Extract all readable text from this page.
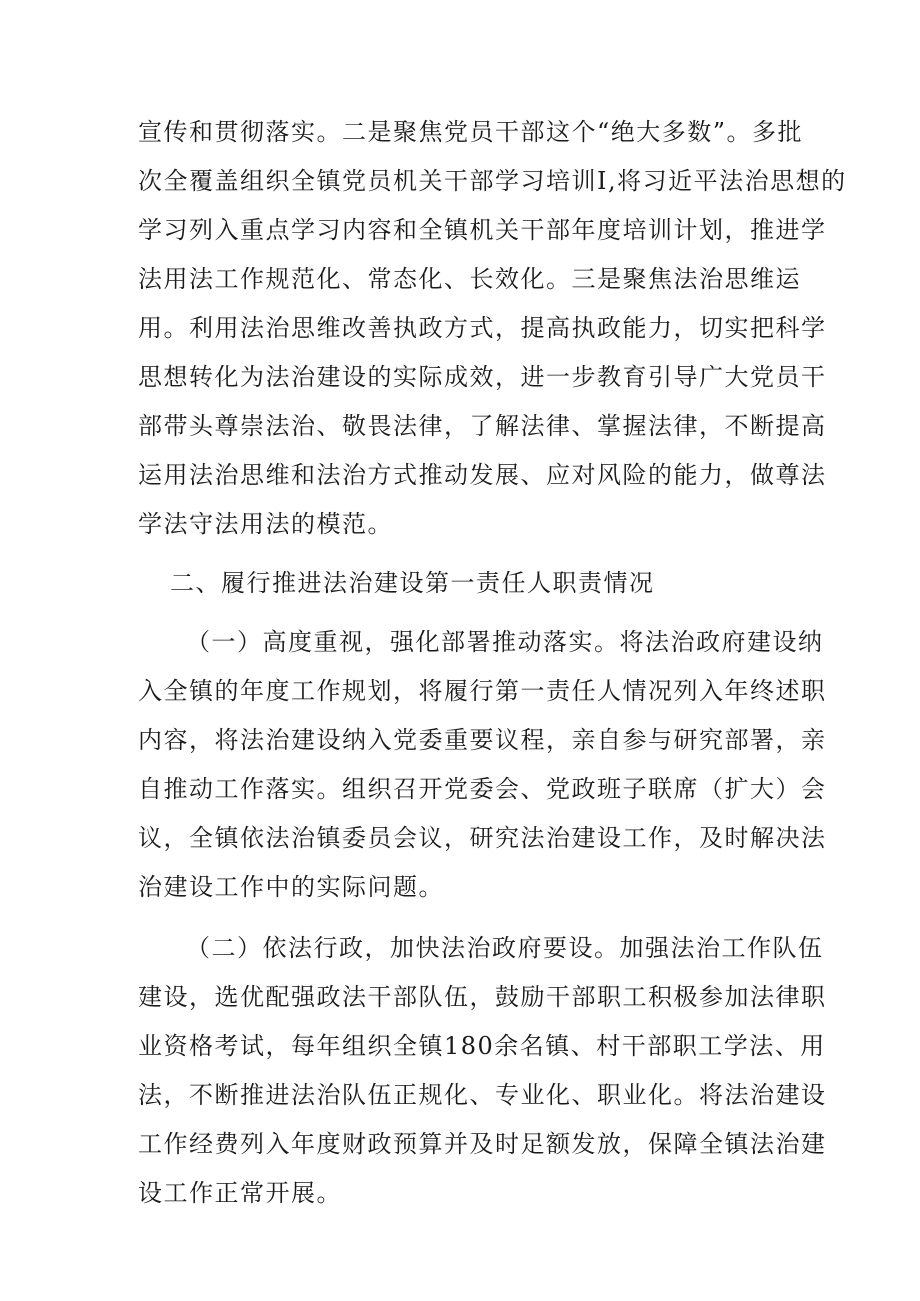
宣传和贯彻落实。二是聚焦党员干部这个“绝大多数”。多批
次全覆盖组织全镇党员机关干部学习培训I,将习近平法治思想的
学习列入重点学习内容和全镇机关干部年度培训计划，推进学
法用法工作规范化、常态化、长效化。三是聚焦法治思维运
用。利用法治思维改善执政方式，提高执政能力，切实把科学
思想转化为法治建设的实际成效，进一步教育引导广大党员干
部带头尊崇法治、敬畏法律，了解法律、掌握法律，不断提高
运用法治思维和法治方式推动发展、应对风险的能力，做尊法
学法守法用法的模范。
二、履行推进法治建设第一责任人职责情况
（一）高度重视，强化部署推动落实。将法治政府建设纳
入全镇的年度工作规划，将履行第一责任人情况列入年终述职
内容，将法治建设纳入党委重要议程，亲自参与研究部署，亲
自推动工作落实。组织召开党委会、党政班子联席（扩大）会
议，全镇依法治镇委员会议，研究法治建设工作，及时解决法
治建设工作中的实际问题。
（二）依法行政，加快法治政府要设。加强法治工作队伍
建设，选优配强政法干部队伍，鼓励干部职工积极参加法律职
业资格考试，每年组织全镇180余名镇、村干部职工学法、用
法，不断推进法治队伍正规化、专业化、职业化。将法治建设
工作经费列入年度财政预算并及时足额发放，保障全镇法治建
设工作正常开展。
